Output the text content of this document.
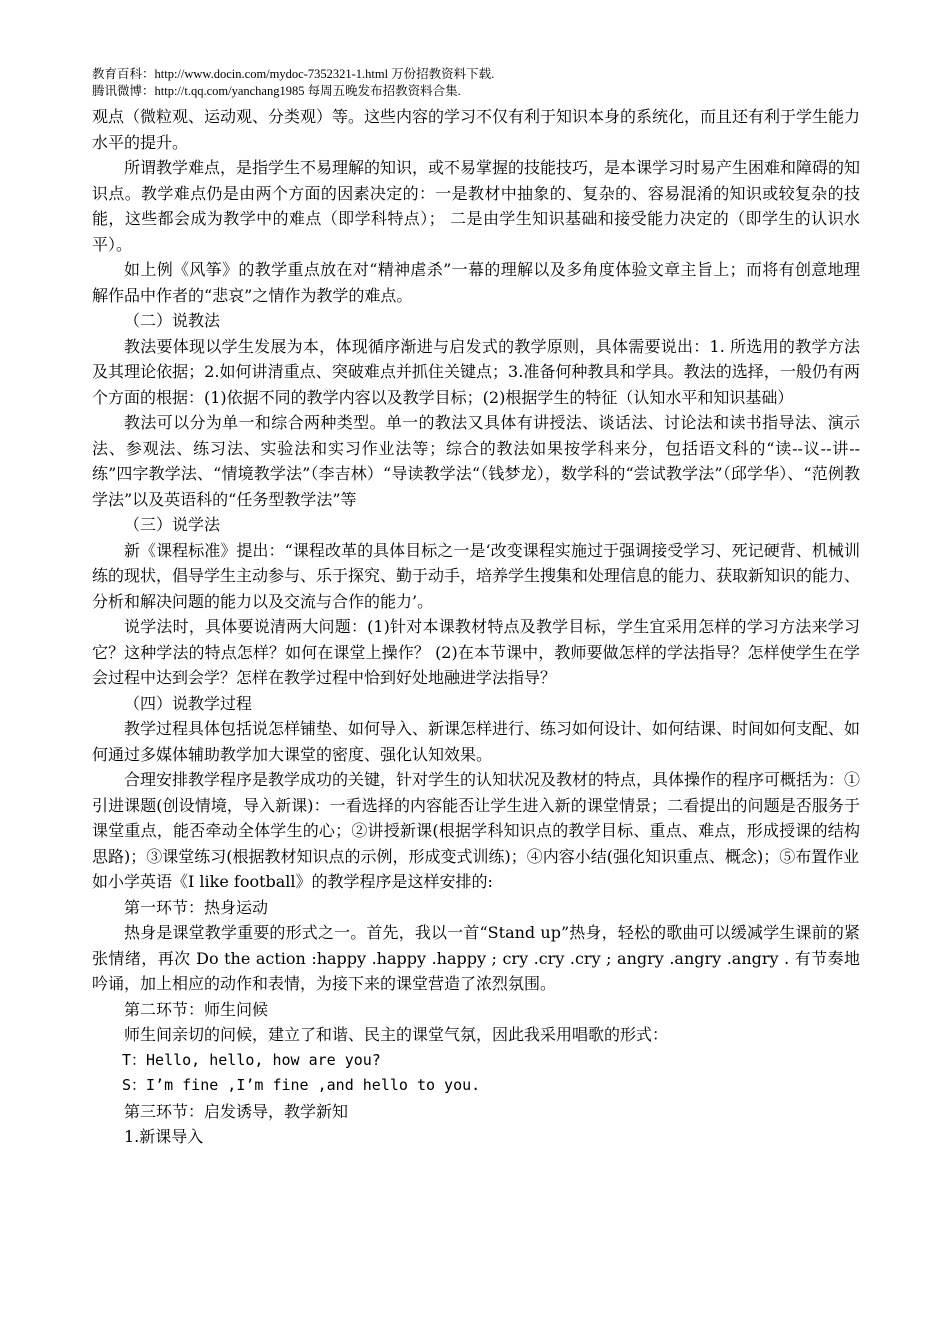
教育百科：http://www.docin.com/mydoc-7352321-1.html 万份招教资料下载.
腾讯微博：http://t.qq.com/yanchang1985 每周五晚发布招教资料合集.

观点（微粒观、运动观、分类观）等。这些内容的学习不仅有利于知识本身的系统化，而且还有利于学生能力水平的提升。

所谓教学难点，是指学生不易理解的知识，或不易掌握的技能技巧，是本课学习时易产生困难和障碍的知识点。教学难点仍是由两个方面的因素决定的：一是教材中抽象的、复杂的、容易混淆的知识或较复杂的技能，这些都会成为教学中的难点（即学科特点）； 二是由学生知识基础和接受能力决定的（即学生的认识水平）。

如上例《风筝》的教学重点放在对“精神虐杀”一幕的理解以及多角度体验文章主旨上；而将有创意地理解作品中作者的“悲哀”之情作为教学的难点。

（二）说教法

教法要体现以学生发展为本，体现循序渐进与启发式的教学原则，具体需要说出：1. 所选用的教学方法及其理论依据；2.如何讲清重点、突破难点并抓住关键点；3.准备何种教具和学具。教法的选择，一般仍有两个方面的根据：(1)依据不同的教学内容以及教学目标；(2)根据学生的特征（认知水平和知识基础）

教法可以分为单一和综合两种类型。单一的教法又具体有讲授法、谈话法、讨论法和读书指导法、演示法、参观法、练习法、实验法和实习作业法等；综合的教法如果按学科来分，包括语文科的“读--议--讲--练”四字教学法、“情境教学法”（李吉林）“导读教学法“（钱梦龙），数学科的“尝试教学法”（邱学华）、“范例教学法”以及英语科的“任务型教学法”等

（三）说学法

新《课程标准》提出：“课程改革的具体目标之一是‘改变课程实施过于强调接受学习、死记硬背、机械训练的现状，倡导学生主动参与、乐于探究、勤于动手，培养学生搜集和处理信息的能力、获取新知识的能力、分析和解决问题的能力以及交流与合作的能力’。

说学法时，具体要说清两大问题：(1)针对本课教材特点及教学目标，学生宜采用怎样的学习方法来学习它？这种学法的特点怎样？如何在课堂上操作？ (2)在本节课中，教师要做怎样的学法指导？怎样使学生在学会过程中达到会学？怎样在教学过程中恰到好处地融进学法指导？

（四）说教学过程

教学过程具体包括说怎样铺垫、如何导入、新课怎样进行、练习如何设计、如何结课、时间如何支配、如何通过多媒体辅助教学加大课堂的密度、强化认知效果。

合理安排教学程序是教学成功的关键，针对学生的认知状况及教材的特点，具体操作的程序可概括为：①引进课题(创设情境，导入新课)：一看选择的内容能否让学生进入新的课堂情景；二看提出的问题是否服务于课堂重点，能否牵动全体学生的心；②讲授新课(根据学科知识点的教学目标、重点、难点，形成授课的结构思路)；③课堂练习(根据教材知识点的示例，形成变式训练)；④内容小结(强化知识重点、概念)；⑤布置作业

如小学英语《I like football》的教学程序是这样安排的:

第一环节：热身运动

热身是课堂教学重要的形式之一。首先，我以一首“Stand up”热身，轻松的歌曲可以缓减学生课前的紧张情绪，再次 Do the action :happy .happy .happy ; cry .cry .cry ; angry .angry .angry . 有节奏地吟诵，加上相应的动作和表情，为接下来的课堂营造了浓烈氛围。

第二环节：师生问候

师生间亲切的问候，建立了和谐、民主的课堂气氛，因此我采用唱歌的形式：

T：Hello, hello, how are you?

S：I’m fine ,I’m fine ,and hello to you.

第三环节：启发诱导，教学新知

1.新课导入
